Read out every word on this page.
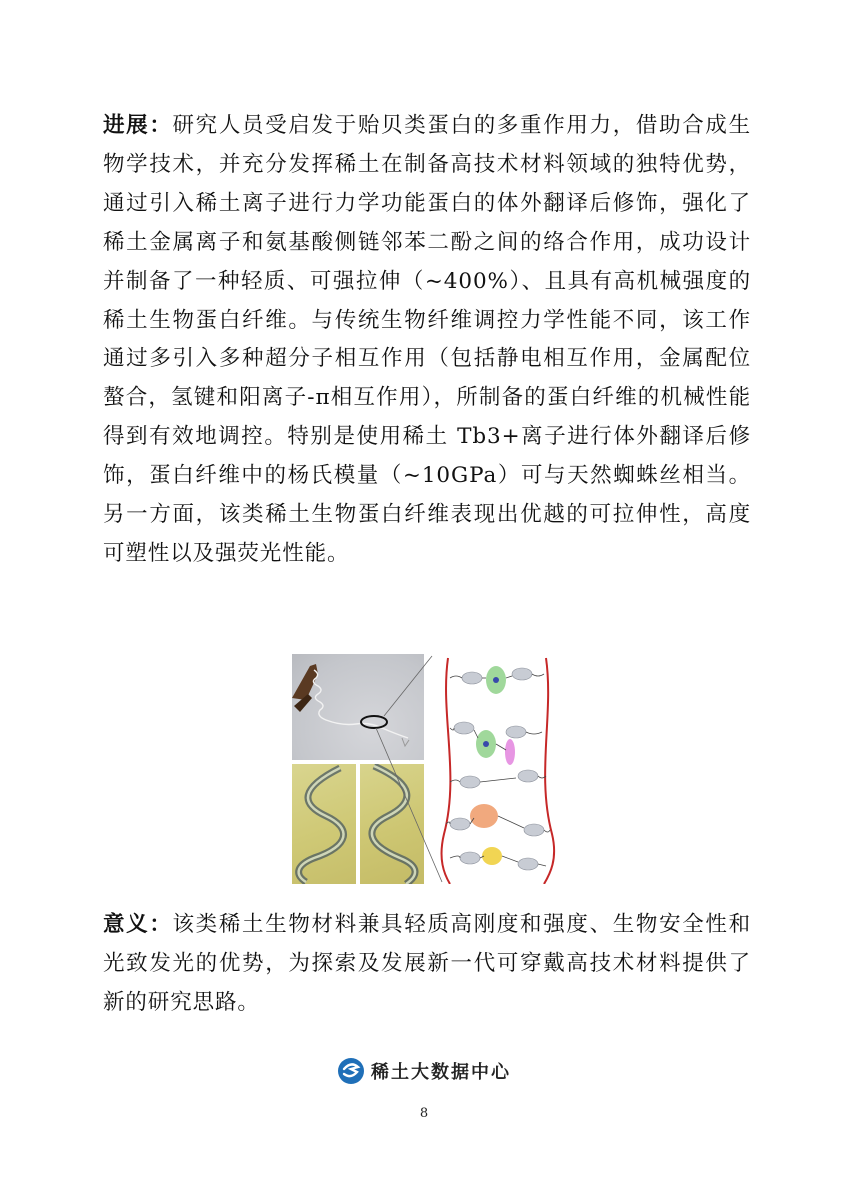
进展：研究人员受启发于贻贝类蛋白的多重作用力，借助合成生物学技术，并充分发挥稀土在制备高技术材料领域的独特优势，通过引入稀土离子进行力学功能蛋白的体外翻译后修饰，强化了稀土金属离子和氨基酸侧链邻苯二酚之间的络合作用，成功设计并制备了一种轻质、可强拉伸（~400%）、且具有高机械强度的稀土生物蛋白纤维。与传统生物纤维调控力学性能不同，该工作通过多引入多种超分子相互作用（包括静电相互作用，金属配位螯合，氢键和阳离子-π相互作用），所制备的蛋白纤维的机械性能得到有效地调控。特别是使用稀土 Tb3+离子进行体外翻译后修饰，蛋白纤维中的杨氏模量（~10GPa）可与天然蜘蛛丝相当。另一方面，该类稀土生物蛋白纤维表现出优越的可拉伸性，高度可塑性以及强荧光性能。

意义：该类稀土生物材料兼具轻质高刚度和强度、生物安全性和光致发光的优势，为探索及发展新一代可穿戴高技术材料提供了新的研究思路。

稀土大数据中心
8
